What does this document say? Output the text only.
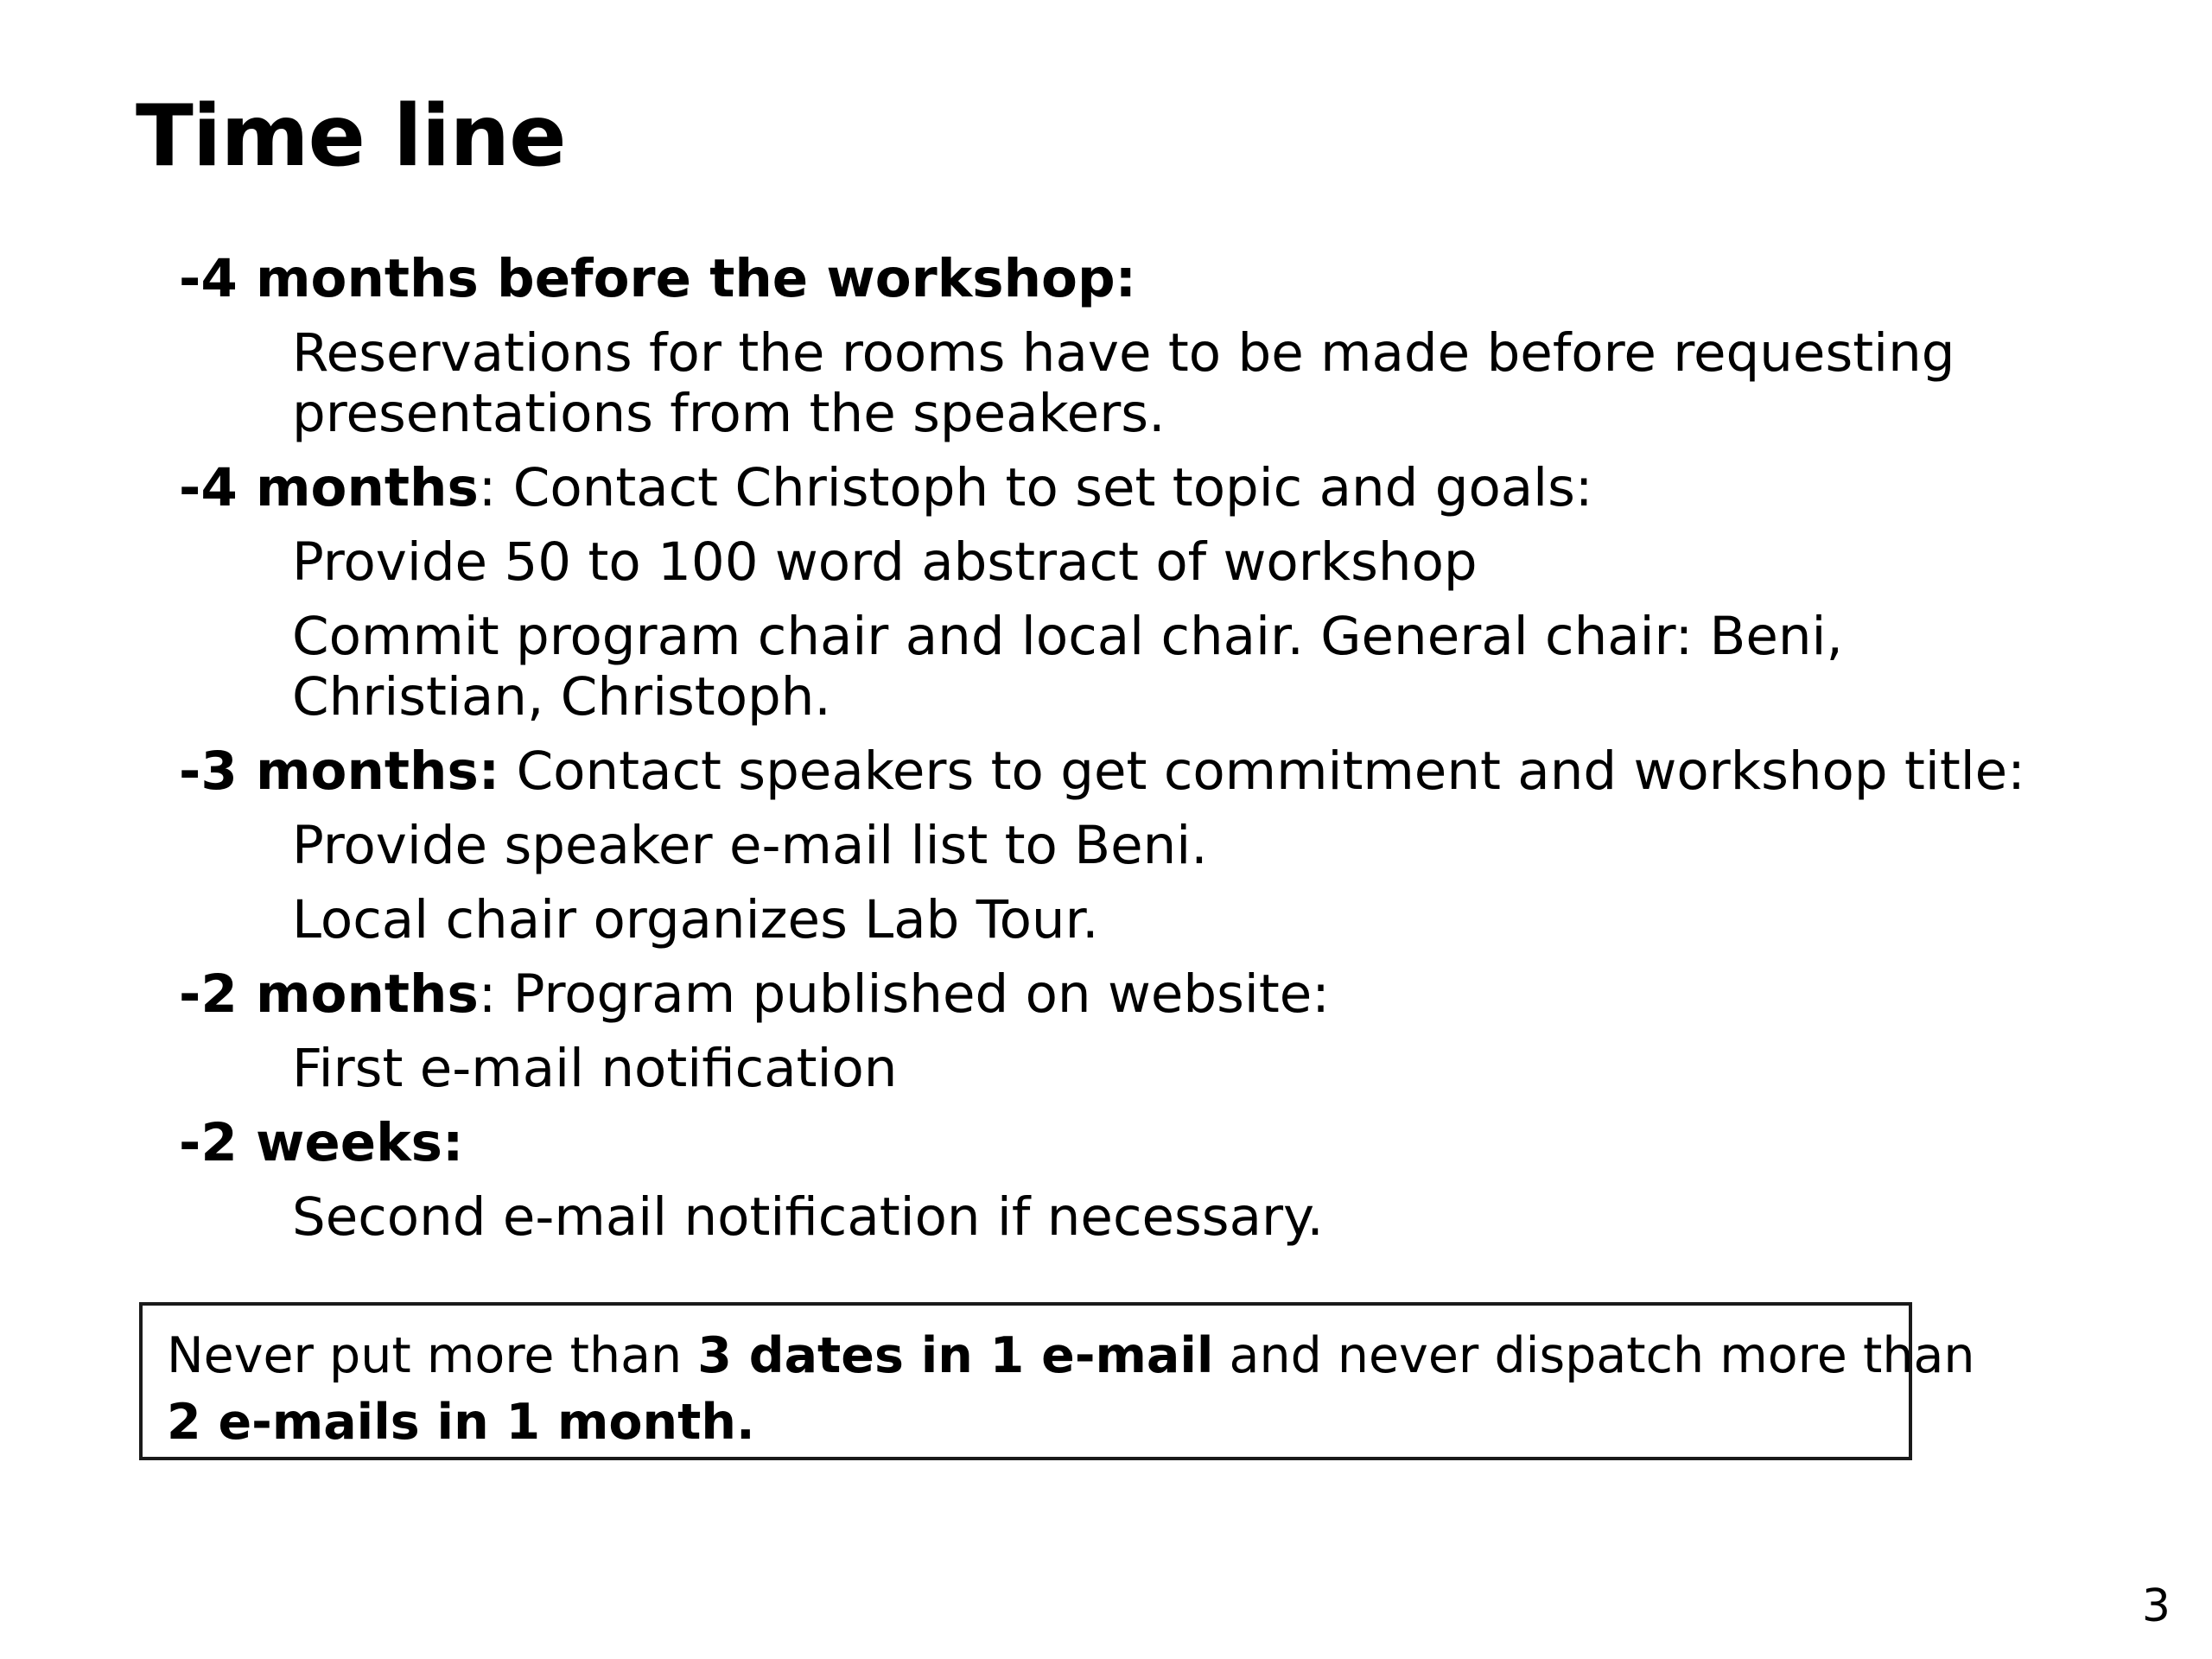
Time line
-4 months before the workshop:
Reservations for the rooms have to be made before requesting presentations from the speakers.
-4 months: Contact Christoph to set topic and goals:
Provide 50 to 100 word abstract of workshop
Commit program chair and local chair. General chair: Beni, Christian, Christoph.
-3 months: Contact speakers to get commitment and workshop title:
Provide speaker e-mail list to Beni.
Local chair organizes Lab Tour.
-2 months: Program published on website:
First e-mail notification
-2 weeks:
Second e-mail notification if necessary.
Never put more than 3 dates in 1 e-mail and never dispatch more than
2 e-mails in 1 month.
3
